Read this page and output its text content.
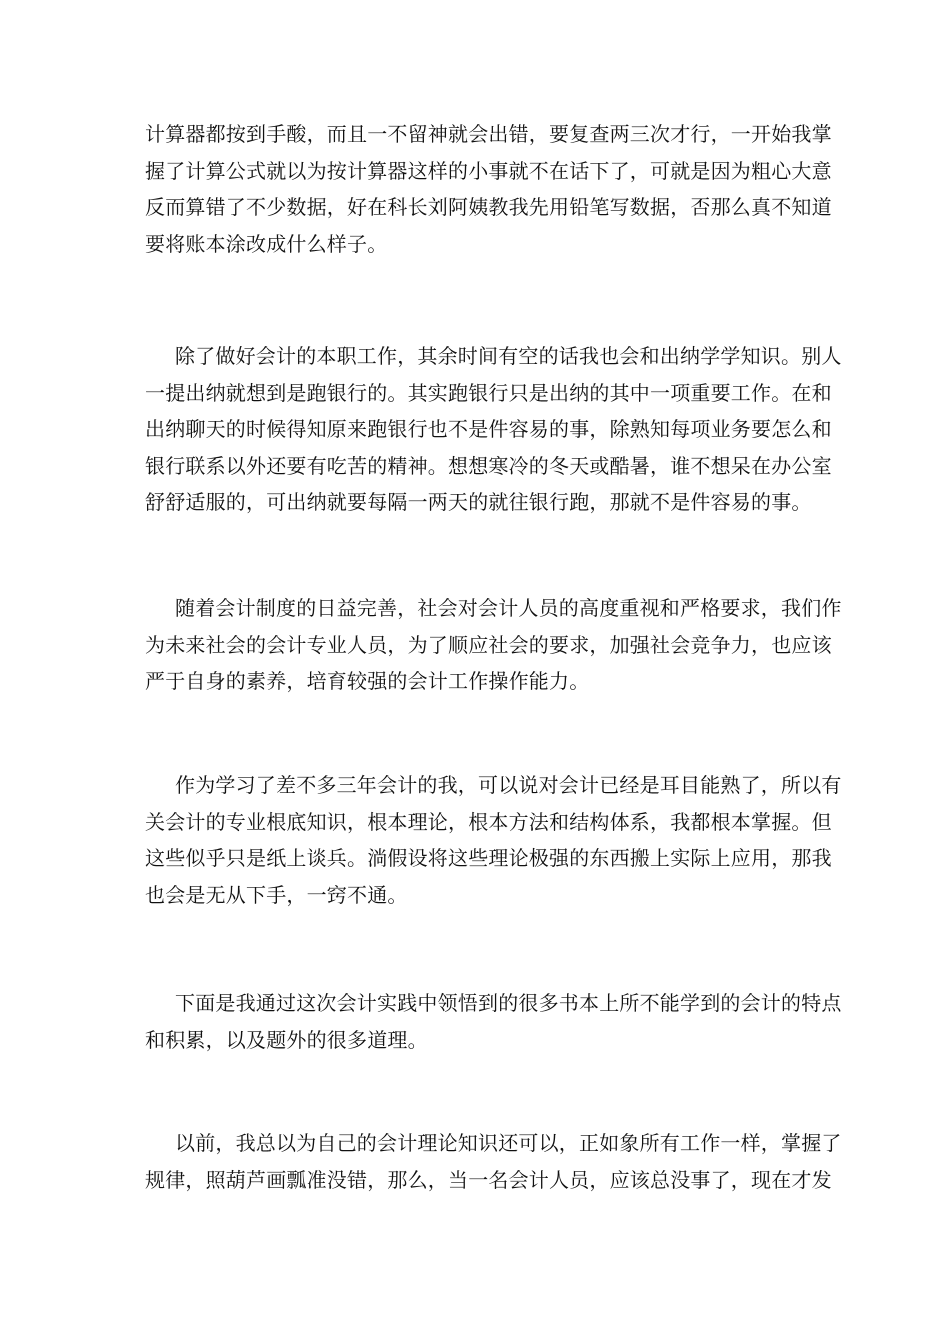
计算器都按到手酸，而且一不留神就会出错，要复查两三次才行，一开始我掌
握了计算公式就以为按计算器这样的小事就不在话下了，可就是因为粗心大意
反而算错了不少数据，好在科长刘阿姨教我先用铅笔写数据，否那么真不知道
要将账本涂改成什么样子。

除了做好会计的本职工作，其余时间有空的话我也会和出纳学学知识。别人
一提出纳就想到是跑银行的。其实跑银行只是出纳的其中一项重要工作。在和
出纳聊天的时候得知原来跑银行也不是件容易的事，除熟知每项业务要怎么和
银行联系以外还要有吃苦的精神。想想寒冷的冬天或酷暑，谁不想呆在办公室
舒舒适服的，可出纳就要每隔一两天的就往银行跑，那就不是件容易的事。

随着会计制度的日益完善，社会对会计人员的高度重视和严格要求，我们作
为未来社会的会计专业人员，为了顺应社会的要求，加强社会竞争力，也应该
严于自身的素养，培育较强的会计工作操作能力。

作为学习了差不多三年会计的我，可以说对会计已经是耳目能熟了，所以有
关会计的专业根底知识，根本理论，根本方法和结构体系，我都根本掌握。但
这些似乎只是纸上谈兵。淌假设将这些理论极强的东西搬上实际上应用，那我
也会是无从下手，一窍不通。

下面是我通过这次会计实践中领悟到的很多书本上所不能学到的会计的特点
和积累，以及题外的很多道理。

以前，我总以为自己的会计理论知识还可以，正如象所有工作一样，掌握了
规律，照葫芦画瓢准没错，那么，当一名会计人员，应该总没事了，现在才发
